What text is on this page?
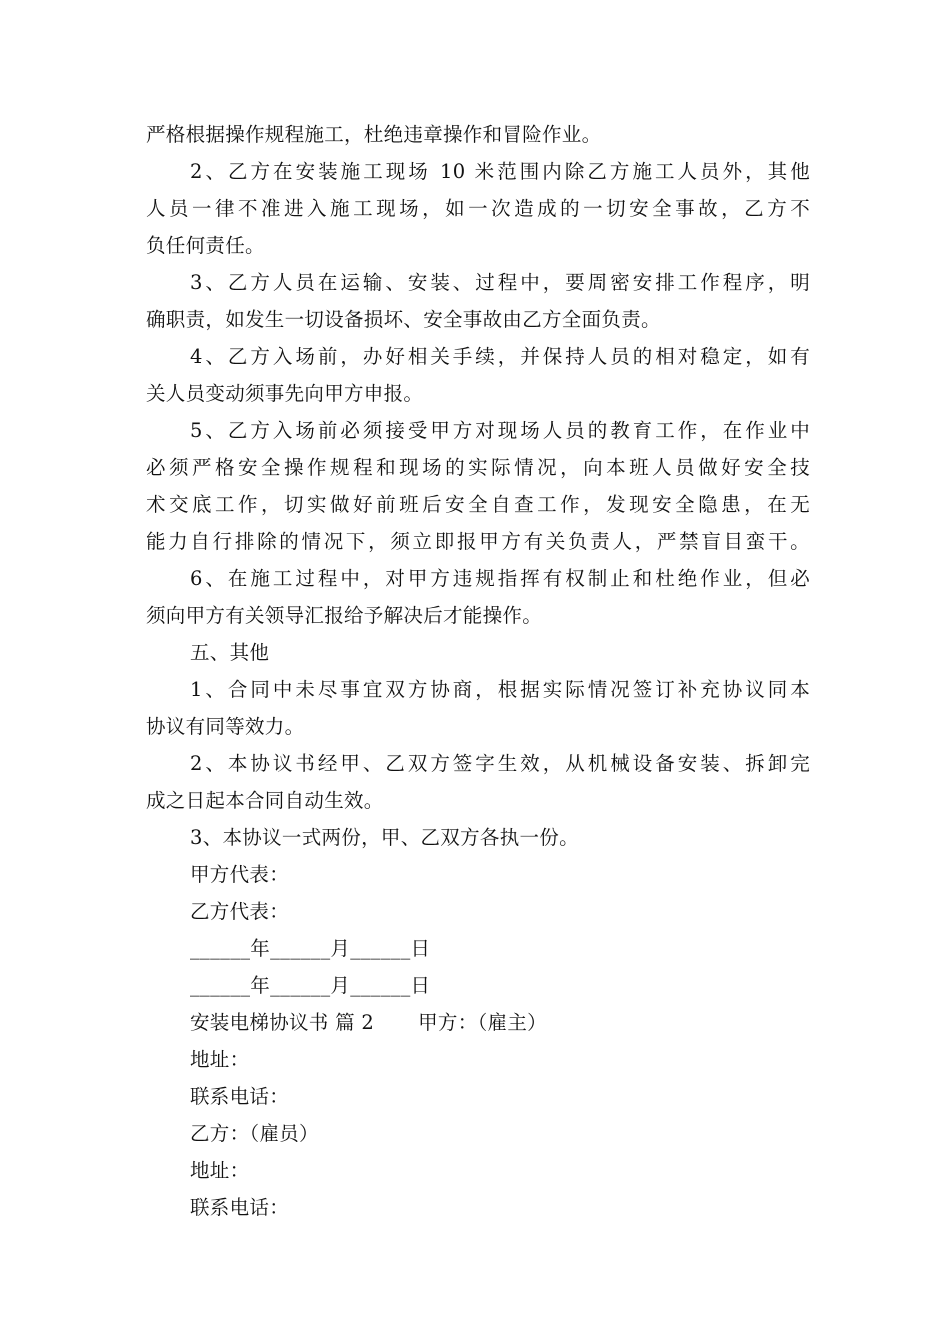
严格根据操作规程施工，杜绝违章操作和冒险作业。
2、乙方在安装施工现场 10 米范围内除乙方施工人员外，其他
人员一律不准进入施工现场，如一次造成的一切安全事故，乙方不
负任何责任。
3、乙方人员在运输、安装、过程中，要周密安排工作程序，明
确职责，如发生一切设备损坏、安全事故由乙方全面负责。
4、乙方入场前，办好相关手续，并保持人员的相对稳定，如有
关人员变动须事先向甲方申报。
5、乙方入场前必须接受甲方对现场人员的教育工作，在作业中
必须严格安全操作规程和现场的实际情况，向本班人员做好安全技
术交底工作，切实做好前班后安全自查工作，发现安全隐患，在无
能力自行排除的情况下，须立即报甲方有关负责人，严禁盲目蛮干。
6、在施工过程中，对甲方违规指挥有权制止和杜绝作业，但必
须向甲方有关领导汇报给予解决后才能操作。
五、其他
1、合同中未尽事宜双方协商，根据实际情况签订补充协议同本
协议有同等效力。
2、本协议书经甲、乙双方签字生效，从机械设备安装、拆卸完
成之日起本合同自动生效。
3、本协议一式两份，甲、乙双方各执一份。
甲方代表：
乙方代表：
______年______月______日
______年______月______日
安装电梯协议书 篇 2 甲方：（雇主）
地址：
联系电话：
乙方：（雇员）
地址：
联系电话：
